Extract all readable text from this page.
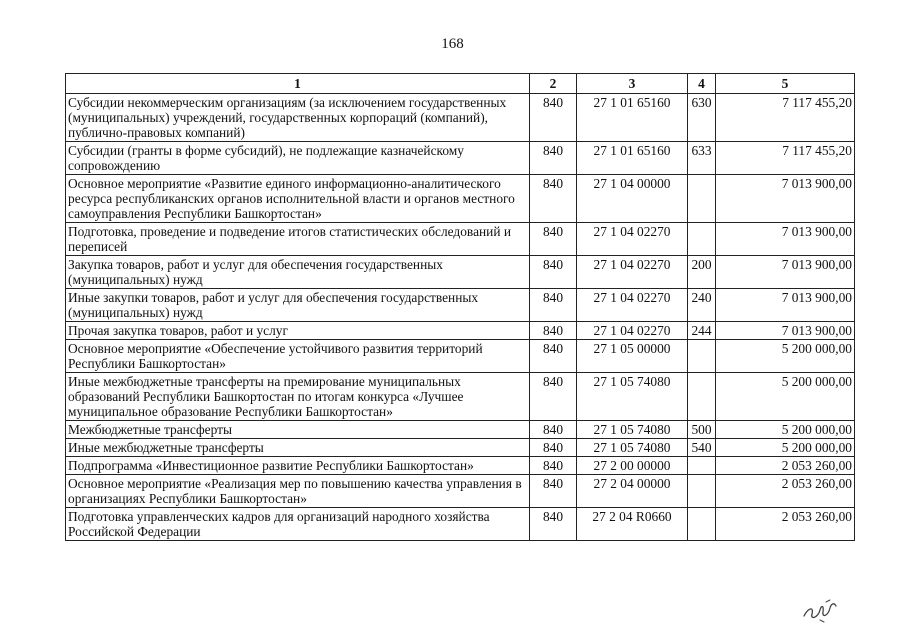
168
1	2	3	4	5
Субсидии некоммерческим организациям (за исключением государственных (муниципальных) учреждений, государственных корпораций (компаний), публично-правовых компаний)	840	27 1 01 65160	630	7 117 455,20
Субсидии (гранты в форме субсидий), не подлежащие казначейскому сопровождению	840	27 1 01 65160	633	7 117 455,20
Основное мероприятие «Развитие единого информационно-аналитического ресурса республиканских органов исполнительной власти и органов местного самоуправления Республики Башкортостан»	840	27 1 04 00000		7 013 900,00
Подготовка, проведение и подведение итогов статистических обследований и переписей	840	27 1 04 02270		7 013 900,00
Закупка товаров, работ и услуг для обеспечения государственных (муниципальных) нужд	840	27 1 04 02270	200	7 013 900,00
Иные закупки товаров, работ и услуг для обеспечения государственных (муниципальных) нужд	840	27 1 04 02270	240	7 013 900,00
Прочая закупка товаров, работ и услуг	840	27 1 04 02270	244	7 013 900,00
Основное мероприятие «Обеспечение устойчивого развития территорий Республики Башкортостан»	840	27 1 05 00000		5 200 000,00
Иные межбюджетные трансферты на премирование муниципальных образований Республики Башкортостан по итогам конкурса «Лучшее муниципальное образование Республики Башкортостан»	840	27 1 05 74080		5 200 000,00
Межбюджетные трансферты	840	27 1 05 74080	500	5 200 000,00
Иные межбюджетные трансферты	840	27 1 05 74080	540	5 200 000,00
Подпрограмма «Инвестиционное развитие Республики Башкортостан»	840	27 2 00 00000		2 053 260,00
Основное мероприятие «Реализация мер по повышению качества управления в организациях Республики Башкортостан»	840	27 2 04 00000		2 053 260,00
Подготовка управленческих кадров для организаций народного хозяйства Российской Федерации	840	27 2 04 R0660		2 053 260,00
